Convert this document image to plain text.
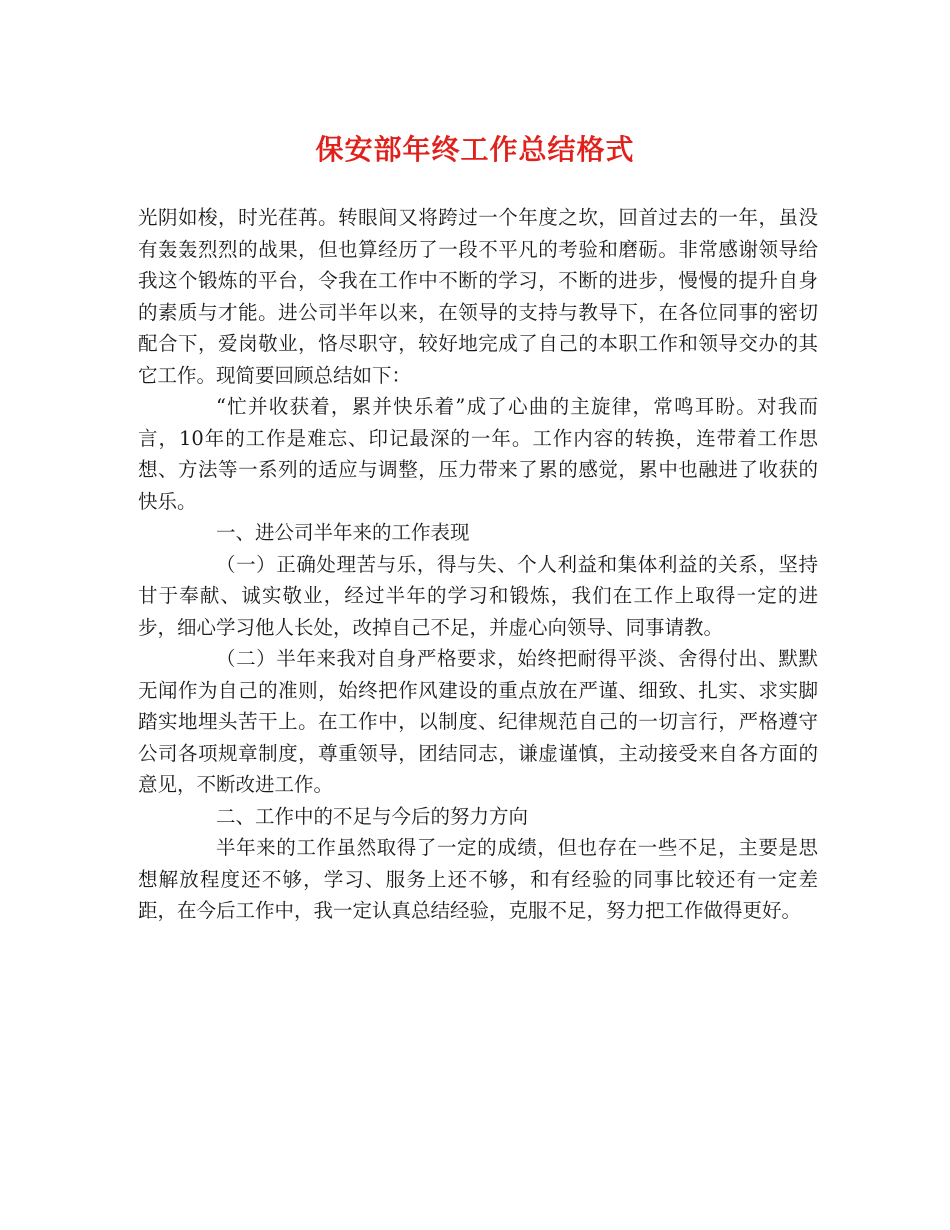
保安部年终工作总结格式

光阴如梭，时光荏苒。转眼间又将跨过一个年度之坎，回首过去的一年，虽没有轰轰烈烈的战果，但也算经历了一段不平凡的考验和磨砺。非常感谢领导给我这个锻炼的平台，令我在工作中不断的学习，不断的进步，慢慢的提升自身的素质与才能。进公司半年以来，在领导的支持与教导下，在各位同事的密切配合下，爱岗敬业，恪尽职守，较好地完成了自己的本职工作和领导交办的其它工作。现简要回顾总结如下：

“忙并收获着，累并快乐着”成了心曲的主旋律，常鸣耳盼。对我而言，10年的工作是难忘、印记最深的一年。工作内容的转换，连带着工作思想、方法等一系列的适应与调整，压力带来了累的感觉，累中也融进了收获的快乐。

一、进公司半年来的工作表现

（一）正确处理苦与乐，得与失、个人利益和集体利益的关系，坚持甘于奉献、诚实敬业，经过半年的学习和锻炼，我们在工作上取得一定的进步，细心学习他人长处，改掉自己不足，并虚心向领导、同事请教。

（二）半年来我对自身严格要求，始终把耐得平淡、舍得付出、默默无闻作为自己的准则，始终把作风建设的重点放在严谨、细致、扎实、求实脚踏实地埋头苦干上。在工作中，以制度、纪律规范自己的一切言行，严格遵守公司各项规章制度，尊重领导，团结同志，谦虚谨慎，主动接受来自各方面的意见，不断改进工作。

二、工作中的不足与今后的努力方向

半年来的工作虽然取得了一定的成绩，但也存在一些不足，主要是思想解放程度还不够，学习、服务上还不够，和有经验的同事比较还有一定差距，在今后工作中，我一定认真总结经验，克服不足，努力把工作做得更好。
